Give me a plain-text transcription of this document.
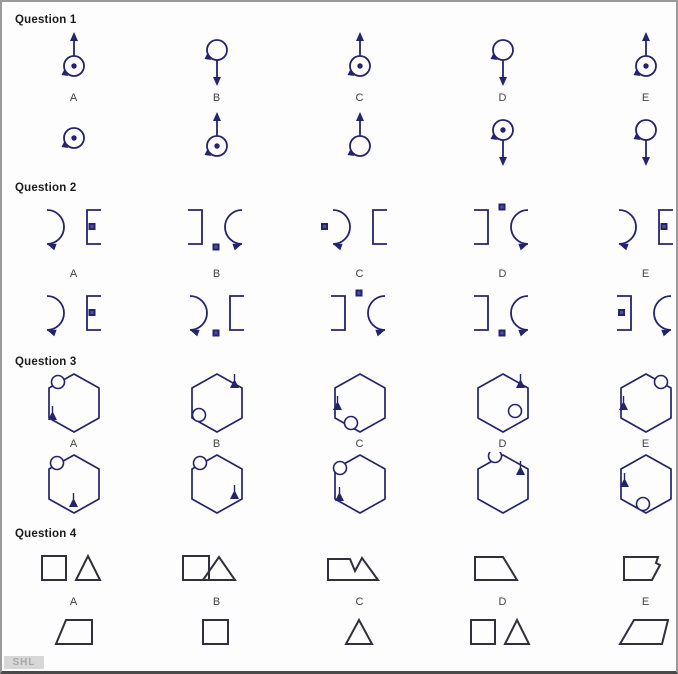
Question 1
A	B	C	D	E
Question 2
A	B	C	D	E
Question 3
A	B	C	D	E
Question 4
A	B	C	D	E
SHL
